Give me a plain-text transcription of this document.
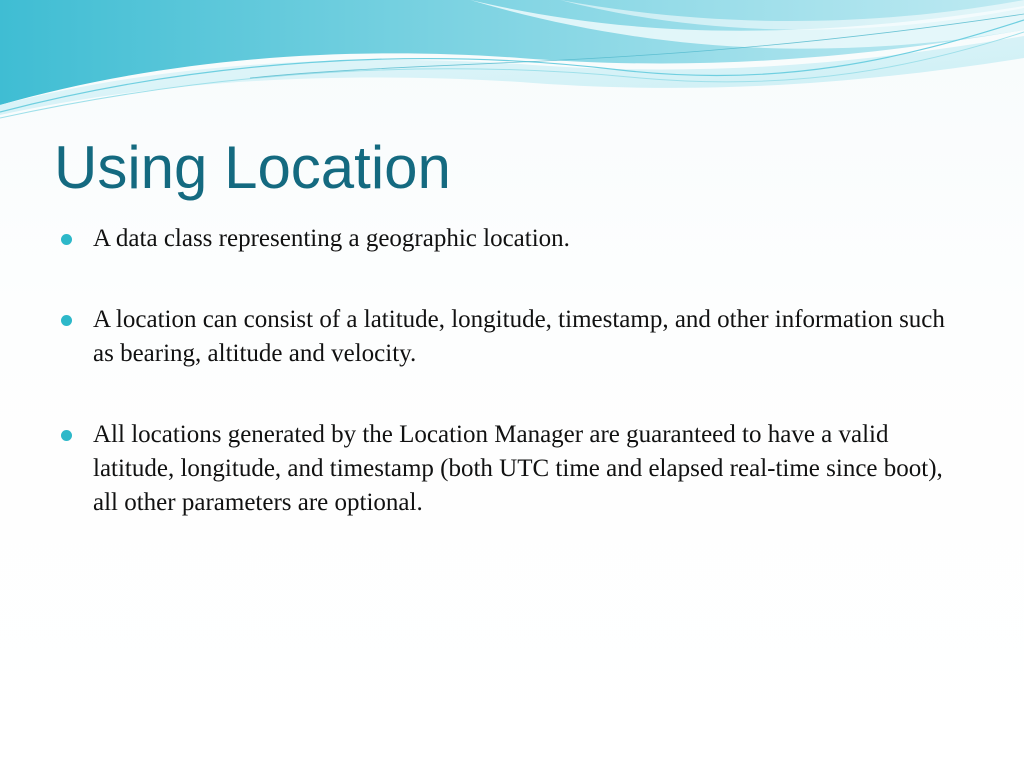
Using Location
A data class representing a geographic location.
A location can consist of a latitude, longitude, timestamp, and other information such as bearing, altitude and velocity.
All locations generated by the Location Manager are guaranteed to have a valid latitude, longitude, and timestamp (both UTC time and elapsed real-time since boot), all other parameters are optional.
